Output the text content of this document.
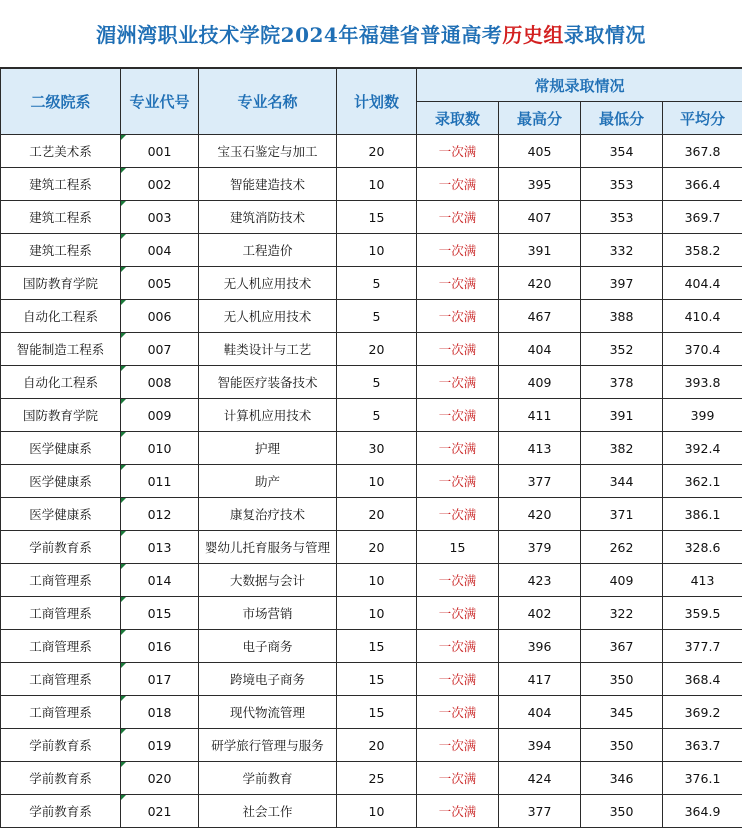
湄洲湾职业技术学院2024年福建省普通高考 历史组 录取情况
二级院系	专业代号	专业名称	计划数	常规录取情况			
				录取数	最高分	最低分	平均分
工艺美术系	001	宝玉石鉴定与加工	20	一次满	405	354	367.8
建筑工程系	002	智能建造技术	10	一次满	395	353	366.4
建筑工程系	003	建筑消防技术	15	一次满	407	353	369.7
建筑工程系	004	工程造价	10	一次满	391	332	358.2
国防教育学院	005	无人机应用技术	5	一次满	420	397	404.4
自动化工程系	006	无人机应用技术	5	一次满	467	388	410.4
智能制造工程系	007	鞋类设计与工艺	20	一次满	404	352	370.4
自动化工程系	008	智能医疗装备技术	5	一次满	409	378	393.8
国防教育学院	009	计算机应用技术	5	一次满	411	391	399
医学健康系	010	护理	30	一次满	413	382	392.4
医学健康系	011	助产	10	一次满	377	344	362.1
医学健康系	012	康复治疗技术	20	一次满	420	371	386.1
学前教育系	013	婴幼儿托育服务与管理	20	15	379	262	328.6
工商管理系	014	大数据与会计	10	一次满	423	409	413
工商管理系	015	市场营销	10	一次满	402	322	359.5
工商管理系	016	电子商务	15	一次满	396	367	377.7
工商管理系	017	跨境电子商务	15	一次满	417	350	368.4
工商管理系	018	现代物流管理	15	一次满	404	345	369.2
学前教育系	019	研学旅行管理与服务	20	一次满	394	350	363.7
学前教育系	020	学前教育	25	一次满	424	346	376.1
学前教育系	021	社会工作	10	一次满	377	350	364.9
